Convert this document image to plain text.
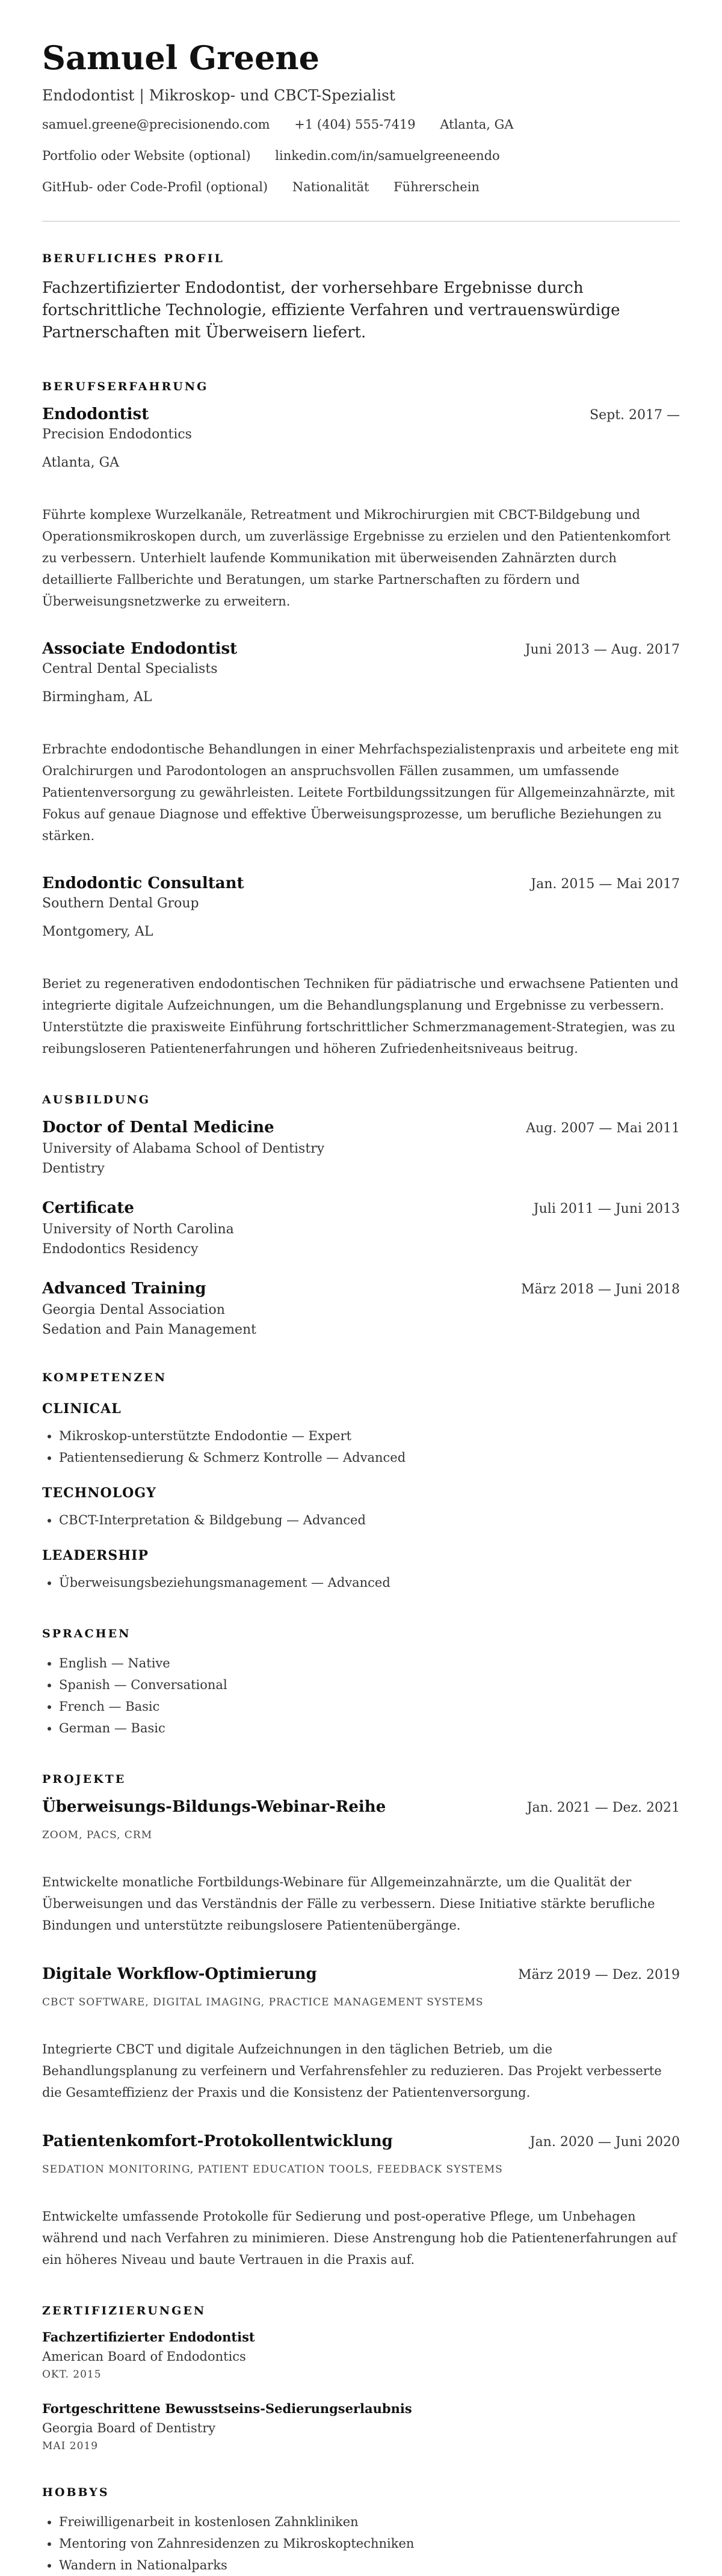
Samuel Greene
Endodontist | Mikroskop- und CBCT-Spezialist
samuel.greene@precisionendo.com +1 (404) 555-7419 Atlanta, GA
Portfolio oder Website (optional) linkedin.com/in/samuelgreeneendo
GitHub- oder Code-Profil (optional) Nationalität Führerschein
BERUFLICHES PROFIL
Fachzertifizierter Endodontist, der vorhersehbare Ergebnisse durch fortschrittliche Technologie, effiziente Verfahren und vertrauenswürdige Partnerschaften mit Überweisern liefert.
BERUFSERFAHRUNG
Endodontist	Sept. 2017 —
Precision Endodontics
Atlanta, GA
Führte komplexe Wurzelkanäle, Retreatment und Mikrochirurgien mit CBCT-Bildgebung und Operationsmikroskopen durch, um zuverlässige Ergebnisse zu erzielen und den Patientenkomfort zu verbessern. Unterhielt laufende Kommunikation mit überweisenden Zahnärzten durch detaillierte Fallberichte und Beratungen, um starke Partnerschaften zu fördern und Überweisungsnetzwerke zu erweitern.
Associate Endodontist	Juni 2013 — Aug. 2017
Central Dental Specialists
Birmingham, AL
Erbrachte endodontische Behandlungen in einer Mehrfachspezialistenpraxis und arbeitete eng mit Oralchirurgen und Parodontologen an anspruchsvollen Fällen zusammen, um umfassende Patientenversorgung zu gewährleisten. Leitete Fortbildungssitzungen für Allgemeinzahnärzte, mit Fokus auf genaue Diagnose und effektive Überweisungsprozesse, um berufliche Beziehungen zu stärken.
Endodontic Consultant	Jan. 2015 — Mai 2017
Southern Dental Group
Montgomery, AL
Beriet zu regenerativen endodontischen Techniken für pädiatrische und erwachsene Patienten und integrierte digitale Aufzeichnungen, um die Behandlungsplanung und Ergebnisse zu verbessern. Unterstützte die praxisweite Einführung fortschrittlicher Schmerzmanagement-Strategien, was zu reibungsloseren Patientenerfahrungen und höheren Zufriedenheitsniveaus beitrug.
AUSBILDUNG
Doctor of Dental Medicine	Aug. 2007 — Mai 2011
University of Alabama School of Dentistry
Dentistry
Certificate	Juli 2011 — Juni 2013
University of North Carolina
Endodontics Residency
Advanced Training	März 2018 — Juni 2018
Georgia Dental Association
Sedation and Pain Management
KOMPETENZEN
CLINICAL
• Mikroskop-unterstützte Endodontie — Expert
• Patientensedierung & Schmerz Kontrolle — Advanced
TECHNOLOGY
• CBCT-Interpretation & Bildgebung — Advanced
LEADERSHIP
• Überweisungsbeziehungsmanagement — Advanced
SPRACHEN
• English — Native
• Spanish — Conversational
• French — Basic
• German — Basic
PROJEKTE
Überweisungs-Bildungs-Webinar-Reihe	Jan. 2021 — Dez. 2021
ZOOM, PACS, CRM
Entwickelte monatliche Fortbildungs-Webinare für Allgemeinzahnärzte, um die Qualität der Überweisungen und das Verständnis der Fälle zu verbessern. Diese Initiative stärkte berufliche Bindungen und unterstützte reibungslosere Patientenübergänge.
Digitale Workflow-Optimierung	März 2019 — Dez. 2019
CBCT SOFTWARE, DIGITAL IMAGING, PRACTICE MANAGEMENT SYSTEMS
Integrierte CBCT und digitale Aufzeichnungen in den täglichen Betrieb, um die Behandlungsplanung zu verfeinern und Verfahrensfehler zu reduzieren. Das Projekt verbesserte die Gesamteffizienz der Praxis und die Konsistenz der Patientenversorgung.
Patientenkomfort-Protokollentwicklung	Jan. 2020 — Juni 2020
SEDATION MONITORING, PATIENT EDUCATION TOOLS, FEEDBACK SYSTEMS
Entwickelte umfassende Protokolle für Sedierung und post-operative Pflege, um Unbehagen während und nach Verfahren zu minimieren. Diese Anstrengung hob die Patientenerfahrungen auf ein höheres Niveau und baute Vertrauen in die Praxis auf.
ZERTIFIZIERUNGEN
Fachzertifizierter Endodontist
American Board of Endodontics
OKT. 2015
Fortgeschrittene Bewusstseins-Sedierungserlaubnis
Georgia Board of Dentistry
MAI 2019
HOBBYS
• Freiwilligenarbeit in kostenlosen Zahnkliniken
• Mentoring von Zahnresidenzen zu Mikroskoptechniken
• Wandern in Nationalparks
